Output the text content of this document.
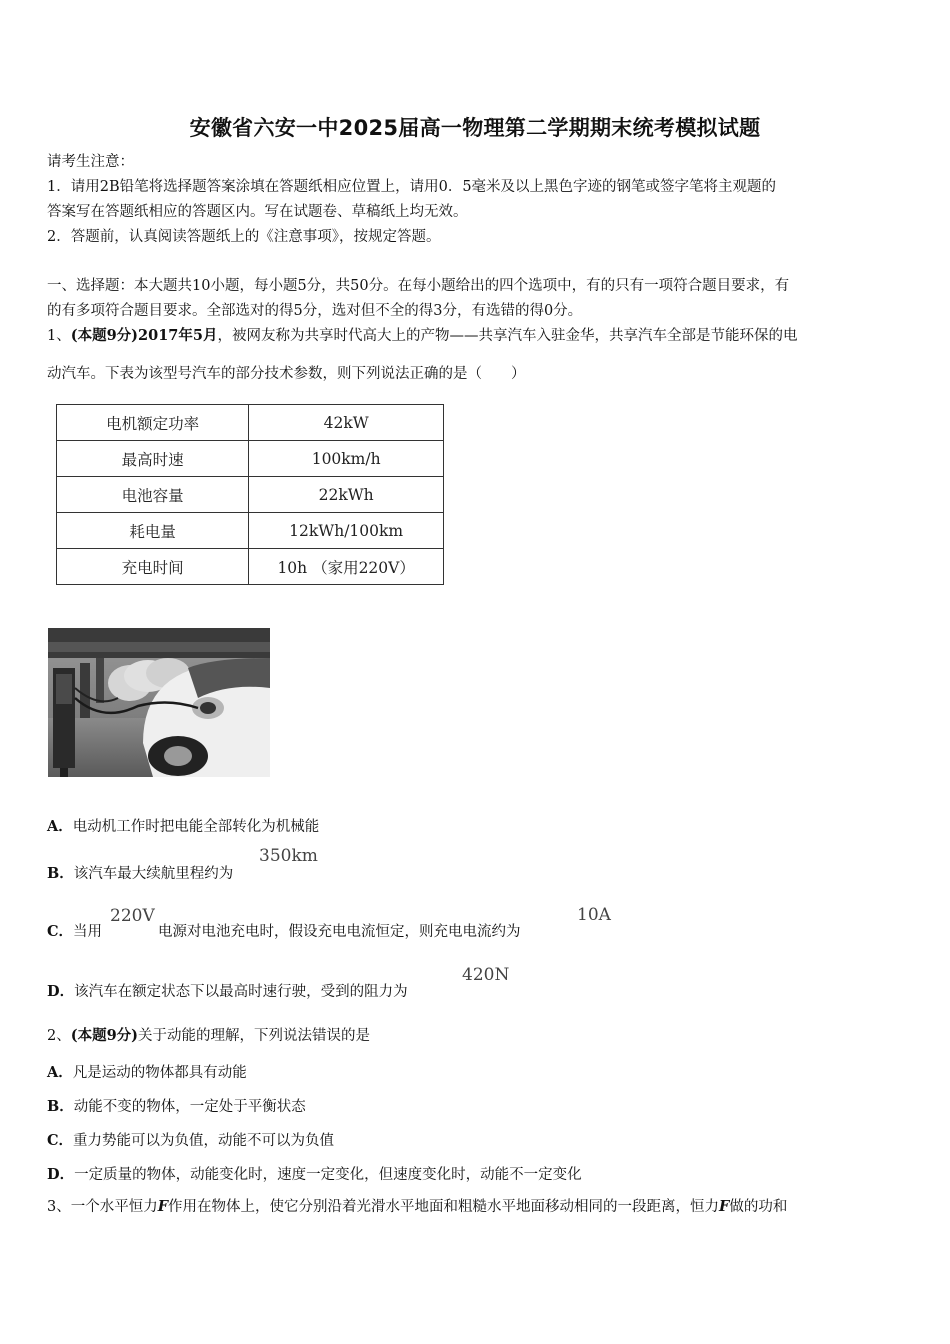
安徽省六安一中2025届高一物理第二学期期末统考模拟试题
请考生注意：
1．请用2B铅笔将选择题答案涂填在答题纸相应位置上，请用0．5毫米及以上黑色字迹的钢笔或签字笔将主观题的
答案写在答题纸相应的答题区内。写在试题卷、草稿纸上均无效。
2．答题前，认真阅读答题纸上的《注意事项》，按规定答题。
一、选择题：本大题共10小题，每小题5分，共50分。在每小题给出的四个选项中，有的只有一项符合题目要求，有
的有多项符合题目要求。全部选对的得5分，选对但不全的得3分，有选错的得0分。
1、(本题9分)2017年5月，被网友称为共享时代高大上的产物——共享汽车入驻金华，共享汽车全部是节能环保的电
动汽车。下表为该型号汽车的部分技术参数，则下列说法正确的是（　　）
电机额定功率	42kW
最高时速	100km/h
电池容量	22kWh
耗电量	12kWh/100km
充电时间	10h （家用220V）
A．电动机工作时把电能全部转化为机械能
B．该汽车最大续航里程约为
350km
C．当用
220V
电源对电池充电时，假设充电电流恒定，则充电电流约为
10A
D．该汽车在额定状态下以最高时速行驶，受到的阻力为
420N
2、(本题9分)关于动能的理解，下列说法错误的是
A．凡是运动的物体都具有动能
B．动能不变的物体，一定处于平衡状态
C．重力势能可以为负值，动能不可以为负值
D．一定质量的物体，动能变化时，速度一定变化，但速度变化时，动能不一定变化
3、一个水平恒力F作用在物体上，使它分别沿着光滑水平地面和粗糙水平地面移动相同的一段距离，恒力F做的功和
